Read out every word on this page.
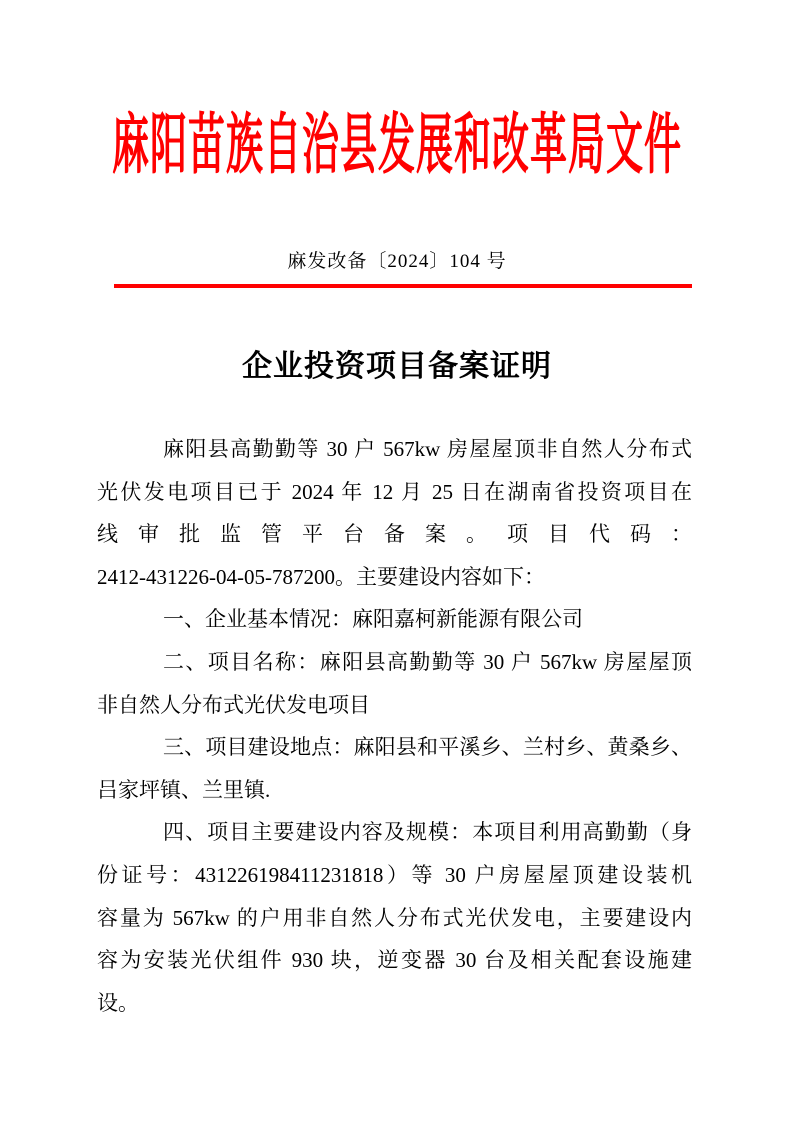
麻阳苗族自治县发展和改革局文件
麻发改备〔2024〕104 号
企业投资项目备案证明
麻阳县高勤勤等 30 户 567kw 房屋屋顶非自然人分布式
光伏发电项目已于 2024 年 12 月 25 日在湖南省投资项目在
线审批监管平台备案。项目代码：
2412-431226-04-05-787200。主要建设内容如下：
一、企业基本情况：麻阳嘉柯新能源有限公司
二、项目名称：麻阳县高勤勤等 30 户 567kw 房屋屋顶
非自然人分布式光伏发电项目
三、项目建设地点：麻阳县和平溪乡、兰村乡、黄桑乡、
吕家坪镇、兰里镇.
四、项目主要建设内容及规模：本项目利用高勤勤（身
份证号：431226198411231818）等 30 户房屋屋顶建设装机
容量为 567kw 的户用非自然人分布式光伏发电，主要建设内
容为安装光伏组件 930 块，逆变器 30 台及相关配套设施建
设。
